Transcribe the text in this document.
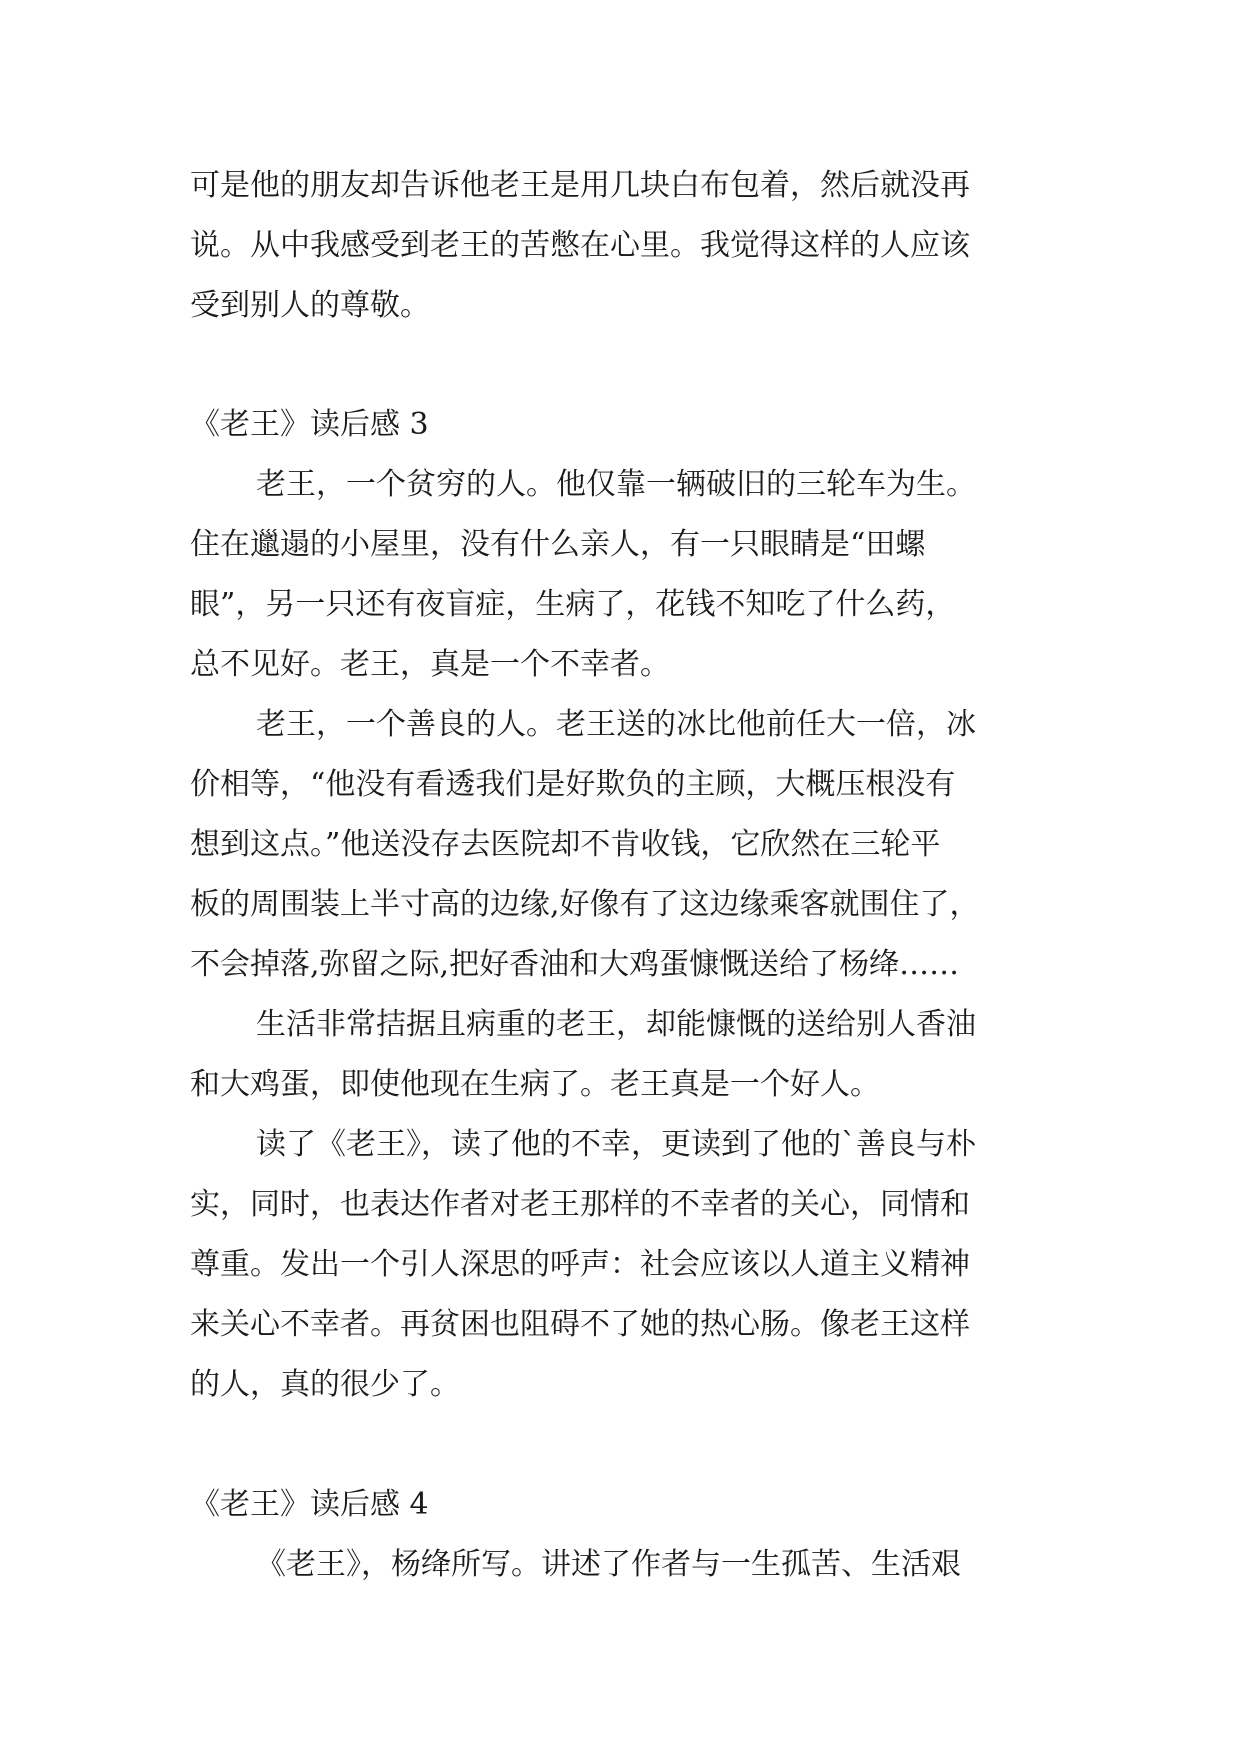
可是他的朋友却告诉他老王是用几块白布包着，然后就没再

说。从中我感受到老王的苦憋在心里。我觉得这样的人应该

受到别人的尊敬。

《老王》读后感 3

老王，一个贫穷的人。他仅靠一辆破旧的三轮车为生。

住在邋遢的小屋里，没有什么亲人，有一只眼睛是“田螺

眼”，另一只还有夜盲症，生病了，花钱不知吃了什么药，

总不见好。老王，真是一个不幸者。

老王，一个善良的人。老王送的冰比他前任大一倍，冰

价相等，“他没有看透我们是好欺负的主顾，大概压根没有

想到这点。”他送没存去医院却不肯收钱，它欣然在三轮平

板的周围装上半寸高的边缘,好像有了这边缘乘客就围住了，

不会掉落,弥留之际,把好香油和大鸡蛋慷慨送给了杨绛……

生活非常拮据且病重的老王，却能慷慨的送给别人香油

和大鸡蛋，即使他现在生病了。老王真是一个好人。

读了《老王》，读了他的不幸，更读到了他的`善良与朴

实，同时，也表达作者对老王那样的不幸者的关心，同情和

尊重。发出一个引人深思的呼声：社会应该以人道主义精神

来关心不幸者。再贫困也阻碍不了她的热心肠。像老王这样

的人，真的很少了。

《老王》读后感 4

《老王》，杨绛所写。讲述了作者与一生孤苦、生活艰
